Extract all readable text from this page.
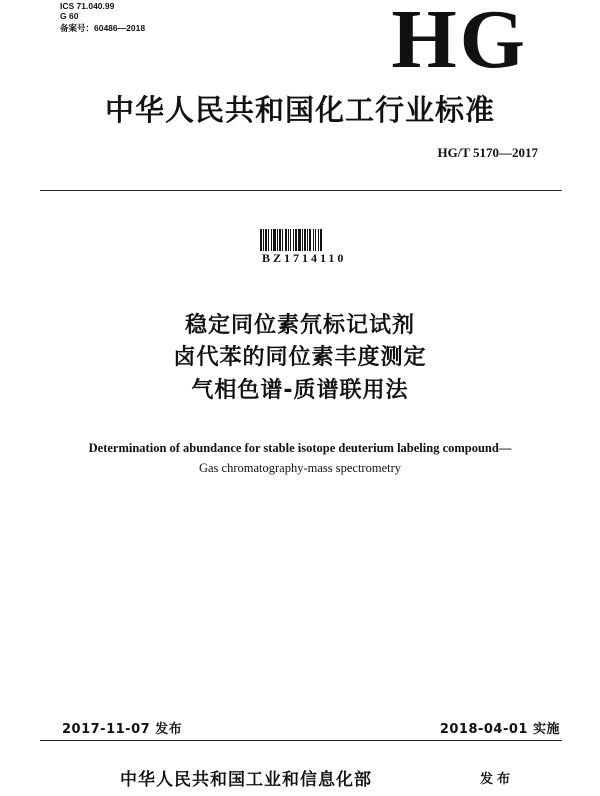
ICS 71.040.99
G 60
备案号：60486—2018	HG
中华人民共和国化工行业标准
HG/T 5170—2017
BZ1714110
稳定同位素氘标记试剂
卤代苯的同位素丰度测定
气相色谱-质谱联用法
Determination of abundance for stable isotope deuterium labeling compound—
Gas chromatography-mass spectrometry
2017-11-07 发布	2018-04-01 实施
中华人民共和国工业和信息化部	发布
